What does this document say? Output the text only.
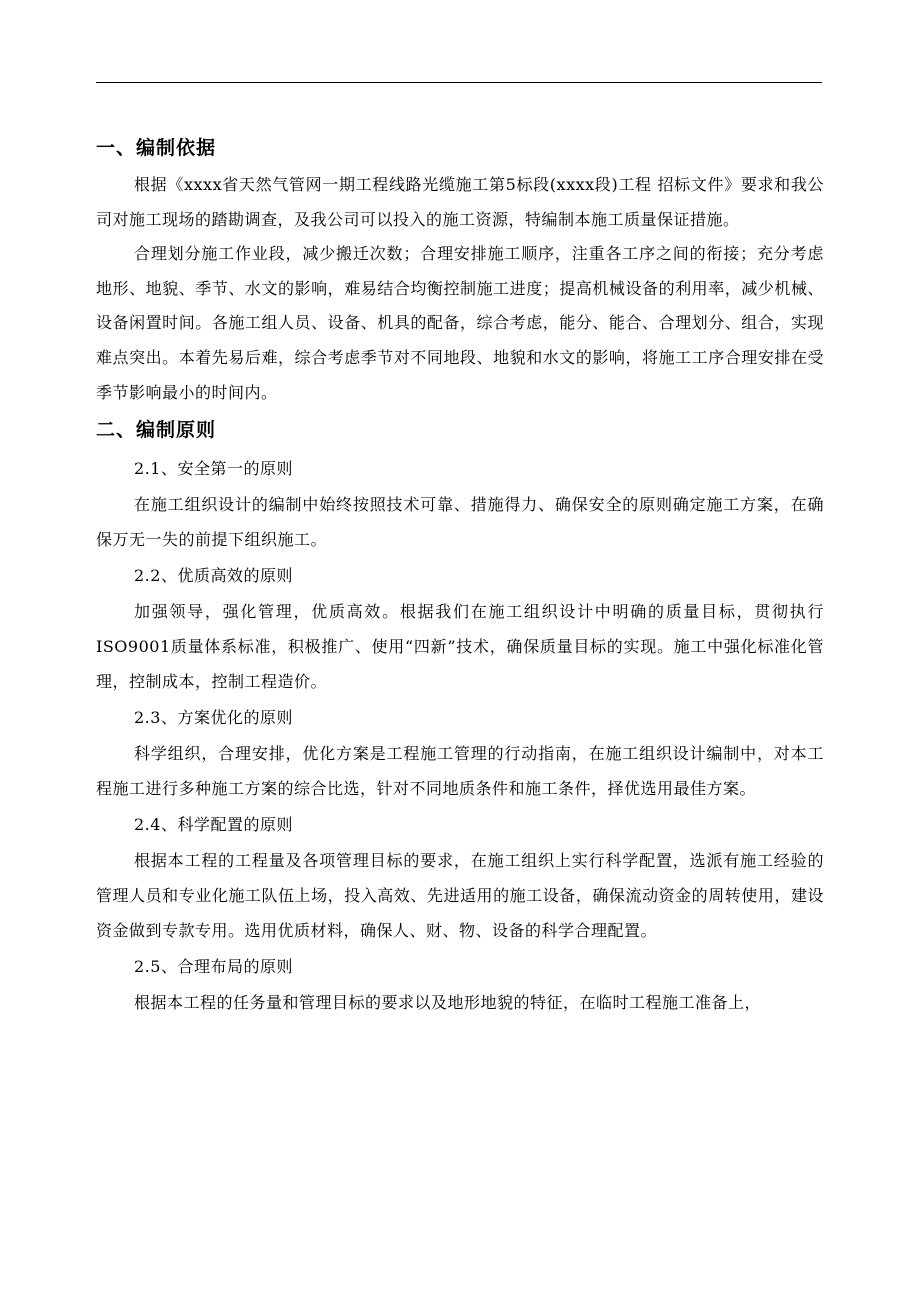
一、编制依据

根据《xxxx省天然气管网一期工程线路光缆施工第5标段(xxxx段)工程 招标文件》要求和我公司对施工现场的踏勘调查，及我公司可以投入的施工资源，特编制本施工质量保证措施。

合理划分施工作业段，减少搬迁次数；合理安排施工顺序，注重各工序之间的衔接；充分考虑地形、地貌、季节、水文的影响，难易结合均衡控制施工进度；提高机械设备的利用率，减少机械、设备闲置时间。各施工组人员、设备、机具的配备，综合考虑，能分、能合、合理划分、组合，实现难点突出。本着先易后难，综合考虑季节对不同地段、地貌和水文的影响，将施工工序合理安排在受季节影响最小的时间内。

二、编制原则

2.1、安全第一的原则

在施工组织设计的编制中始终按照技术可靠、措施得力、确保安全的原则确定施工方案，在确保万无一失的前提下组织施工。

2.2、优质高效的原则

加强领导，强化管理，优质高效。根据我们在施工组织设计中明确的质量目标，贯彻执行ISO9001质量体系标准，积极推广、使用“四新”技术，确保质量目标的实现。施工中强化标准化管理，控制成本，控制工程造价。

2.3、方案优化的原则

科学组织，合理安排，优化方案是工程施工管理的行动指南，在施工组织设计编制中，对本工程施工进行多种施工方案的综合比选，针对不同地质条件和施工条件，择优选用最佳方案。

2.4、科学配置的原则

根据本工程的工程量及各项管理目标的要求，在施工组织上实行科学配置，选派有施工经验的管理人员和专业化施工队伍上场，投入高效、先进适用的施工设备，确保流动资金的周转使用，建设资金做到专款专用。选用优质材料，确保人、财、物、设备的科学合理配置。

2.5、合理布局的原则

根据本工程的任务量和管理目标的要求以及地形地貌的特征，在临时工程施工准备上，
